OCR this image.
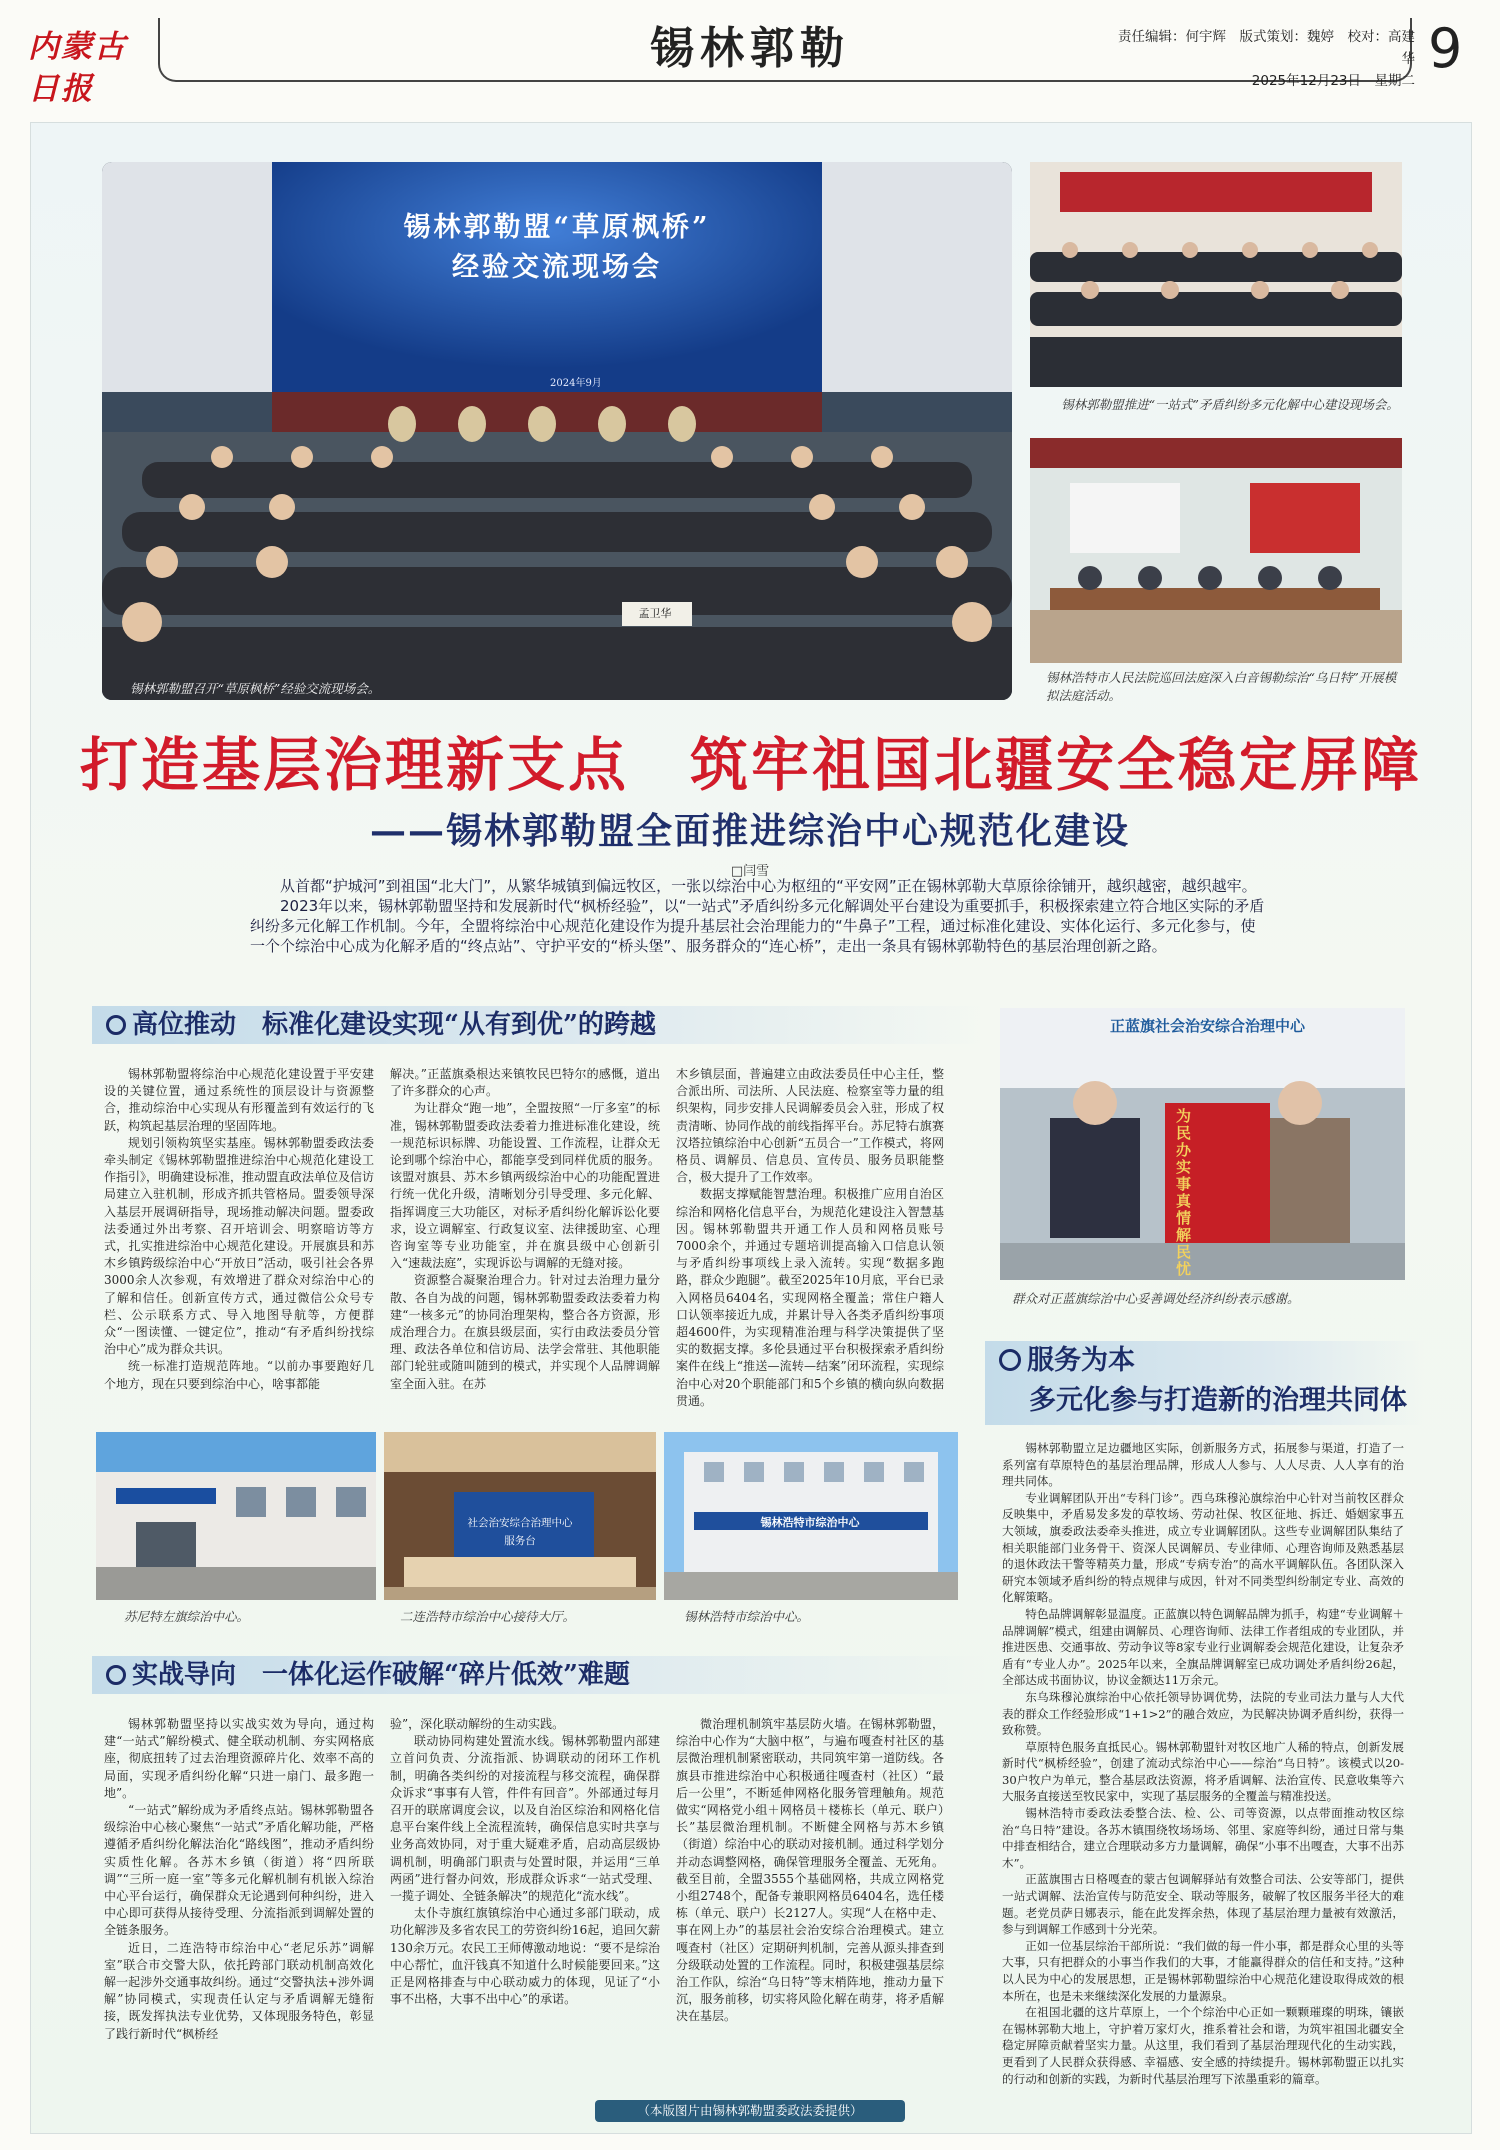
内蒙古日报
锡林郭勒	责任编辑：何宇辉　版式策划：魏婷　校对：高建华
2025年12月23日　星期二
9
锡林郭勒盟“草原枫桥”
经验交流现场会
2024年9月
孟卫华
锡林郭勒盟召开“草原枫桥”经验交流现场会。
锡林郭勒盟推进“一站式”矛盾纠纷多元化解中心建设现场会。
锡林浩特市人民法院巡回法庭深入白音锡勒综治“乌日特”开展模拟法庭活动。
打造基层治理新支点　筑牢祖国北疆安全稳定屏障
——锡林郭勒盟全面推进综治中心规范化建设
□闫雪

从首都“护城河”到祖国“北大门”，从繁华城镇到偏远牧区，一张以综治中心为枢纽的“平安网”正在锡林郭勒大草原徐徐铺开，越织越密，越织越牢。

2023年以来，锡林郭勒盟坚持和发展新时代“枫桥经验”，以“一站式”矛盾纠纷多元化解调处平台建设为重要抓手，积极探索建立符合地区实际的矛盾纠纷多元化解工作机制。今年，全盟将综治中心规范化建设作为提升基层社会治理能力的“牛鼻子”工程，通过标准化建设、实体化运行、多元化参与，使一个个综治中心成为化解矛盾的“终点站”、守护平安的“桥头堡”、服务群众的“连心桥”，走出一条具有锡林郭勒特色的基层治理创新之路。

高位推动　标准化建设实现“从有到优”的跨越

锡林郭勒盟将综治中心规范化建设置于平安建设的关键位置，通过系统性的顶层设计与资源整合，推动综治中心实现从有形覆盖到有效运行的飞跃，构筑起基层治理的坚固阵地。

规划引领构筑坚实基座。锡林郭勒盟委政法委牵头制定《锡林郭勒盟推进综治中心规范化建设工作指引》，明确建设标准，推动盟直政法单位及信访局建立入驻机制，形成齐抓共管格局。盟委领导深入基层开展调研指导，现场推动解决问题。盟委政法委通过外出考察、召开培训会、明察暗访等方式，扎实推进综治中心规范化建设。开展旗县和苏木乡镇跨级综治中心“开放日”活动，吸引社会各界3000余人次参观，有效增进了群众对综治中心的了解和信任。创新宣传方式，通过微信公众号专栏、公示联系方式、导入地图导航等，方便群众“一图读懂、一键定位”，推动“有矛盾纠纷找综治中心”成为群众共识。

统一标准打造规范阵地。“以前办事要跑好几个地方，现在只要到综治中心，啥事都能

解决。”正蓝旗桑根达来镇牧民巴特尔的感慨，道出了许多群众的心声。

为让群众“跑一地”，全盟按照“一厅多室”的标准，锡林郭勒盟委政法委着力推进标准化建设，统一规范标识标牌、功能设置、工作流程，让群众无论到哪个综治中心，都能享受到同样优质的服务。该盟对旗县、苏木乡镇两级综治中心的功能配置进行统一优化升级，清晰划分引导受理、多元化解、指挥调度三大功能区，对标矛盾纠纷化解诉讼化要求，设立调解室、行政复议室、法律援助室、心理咨询室等专业功能室，并在旗县级中心创新引入“速裁法庭”，实现诉讼与调解的无缝对接。

资源整合凝聚治理合力。针对过去治理力量分散、各自为战的问题，锡林郭勒盟委政法委着力构建“一核多元”的协同治理架构，整合各方资源，形成治理合力。在旗县级层面，实行由政法委员分管理、政法各单位和信访局、法学会常驻、其他职能部门轮驻或随叫随到的模式，并实现个人品牌调解室全面入驻。在苏

木乡镇层面，普遍建立由政法委员任中心主任，整合派出所、司法所、人民法庭、检察室等力量的组织架构，同步安排人民调解委员会入驻，形成了权责清晰、协同作战的前线指挥平台。苏尼特右旗赛汉塔拉镇综治中心创新“五员合一”工作模式，将网格员、调解员、信息员、宣传员、服务员职能整合，极大提升了工作效率。

数据支撑赋能智慧治理。积极推广应用自治区综治和网格化信息平台，为规范化建设注入智慧基因。锡林郭勒盟共开通工作人员和网格员账号7000余个，并通过专题培训提高输入口信息认领与矛盾纠纷事项线上录入流转。实现“数据多跑路，群众少跑腿”。截至2025年10月底，平台已录入网格员6404名，实现网格全覆盖；常住户籍人口认领率接近九成，并累计导入各类矛盾纠纷事项超4600件，为实现精准治理与科学决策提供了坚实的数据支撑。多伦县通过平台积极探索矛盾纠纷案件在线上“推送—流转—结案”闭环流程，实现综治中心对20个职能部门和5个乡镇的横向纵向数据贯通。

正蓝旗社会治安综合治理中心
为民办实事 真情解民忧
群众对正蓝旗综治中心妥善调处经济纠纷表示感谢。
服务为本
多元化参与打造新的治理共同体
社会治安综合治理中心
服务台
锡林浩特市综治中心
苏尼特左旗综治中心。	二连浩特市综治中心接待大厅。	锡林浩特市综治中心。
实战导向　一体化运作破解“碎片低效”难题

锡林郭勒盟坚持以实战实效为导向，通过构建“一站式”解纷模式、健全联动机制、夯实网格底座，彻底扭转了过去治理资源碎片化、效率不高的局面，实现矛盾纠纷化解“只进一扇门、最多跑一地”。

“一站式”解纷成为矛盾终点站。锡林郭勒盟各级综治中心核心聚焦“一站式”矛盾化解功能，严格遵循矛盾纠纷化解法治化“路线图”，推动矛盾纠纷实质性化解。各苏木乡镇（街道）将“四所联调”“三所一庭一室”等多元化解机制有机嵌入综治中心平台运行，确保群众无论遇到何种纠纷，进入中心即可获得从接待受理、分流指派到调解处置的全链条服务。

近日，二连浩特市综治中心“老尼乐苏”调解室”联合市交警大队，依托跨部门联动机制高效化解一起涉外交通事故纠纷。通过“交警执法+涉外调解”协同模式，实现责任认定与矛盾调解无缝衔接，既发挥执法专业优势，又体现服务特色，彰显了践行新时代“枫桥经

验”，深化联动解纷的生动实践。

联动协同构建处置流水线。锡林郭勒盟内部建立首问负责、分流指派、协调联动的闭环工作机制，明确各类纠纷的对接流程与移交流程，确保群众诉求“事事有人管，件件有回音”。外部通过每月召开的联席调度会议，以及自治区综治和网格化信息平台案件线上全流程流转，确保信息实时共享与业务高效协同，对于重大疑难矛盾，启动高层级协调机制，明确部门职责与处置时限，并运用“三单两函”进行督办问效，形成群众诉求“一站式受理、一揽子调处、全链条解决”的规范化“流水线”。

太仆寺旗红旗镇综治中心通过多部门联动，成功化解涉及多省农民工的劳资纠纷16起，追回欠薪130余万元。农民工王师傅激动地说：“要不是综治中心帮忙，血汗钱真不知道什么时候能要回来。”这正是网格排查与中心联动威力的体现，见证了“小事不出格，大事不出中心”的承诺。

微治理机制筑牢基层防火墙。在锡林郭勒盟，综治中心作为“大脑中枢”，与遍布嘎查村社区的基层微治理机制紧密联动，共同筑牢第一道防线。各旗县市推进综治中心积极通往嘎查村（社区）“最后一公里”，不断延伸网格化服务管理触角。规范做实“网格党小组＋网格员＋楼栋长（单元、联户）长”基层微治理机制。不断健全网格与苏木乡镇（街道）综治中心的联动对接机制。通过科学划分并动态调整网格，确保管理服务全覆盖、无死角。截至目前，全盟3555个基础网格，共成立网格党小组2748个，配备专兼职网格员6404名，选任楼栋（单元、联户）长2127人。实现“人在格中走、事在网上办”的基层社会治安综合治理模式。建立嘎查村（社区）定期研判机制，完善从源头排查到分级联动处置的工作流程。同时，积极建强基层综治工作队，综治“乌日特”等末梢阵地，推动力量下沉，服务前移，切实将风险化解在萌芽，将矛盾解决在基层。

锡林郭勒盟立足边疆地区实际，创新服务方式，拓展参与渠道，打造了一系列富有草原特色的基层治理品牌，形成人人参与、人人尽责、人人享有的治理共同体。

专业调解团队开出“专科门诊”。西乌珠穆沁旗综治中心针对当前牧区群众反映集中，矛盾易发多发的草牧场、劳动社保、牧区征地、拆迁、婚姻家事五大领域，旗委政法委牵头推进，成立专业调解团队。这些专业调解团队集结了相关职能部门业务骨干、资深人民调解员、专业律师、心理咨询师及熟悉基层的退休政法干警等精英力量，形成“专病专治”的高水平调解队伍。各团队深入研究本领域矛盾纠纷的特点规律与成因，针对不同类型纠纷制定专业、高效的化解策略。

特色品牌调解彰显温度。正蓝旗以特色调解品牌为抓手，构建“专业调解＋品牌调解”模式，组建由调解员、心理咨询师、法律工作者组成的专业团队，并推进医患、交通事故、劳动争议等8家专业行业调解委会规范化建设，让复杂矛盾有“专业人办”。2025年以来，全旗品牌调解室已成功调处矛盾纠纷26起，全部达成书面协议，协议金额达11万余元。

东乌珠穆沁旗综治中心依托领导协调优势，法院的专业司法力量与人大代表的群众工作经验形成“1+1>2”的融合效应，为民解决协调矛盾纠纷，获得一致称赞。

草原特色服务直抵民心。锡林郭勒盟针对牧区地广人稀的特点，创新发展新时代“枫桥经验”，创建了流动式综治中心——综治“乌日特”。该模式以20-30户牧户为单元，整合基层政法资源，将矛盾调解、法治宣传、民意收集等六大服务直接送至牧民家中，实现了基层服务的全覆盖与精准投送。

锡林浩特市委政法委整合法、检、公、司等资源，以点带面推动牧区综治“乌日特”建设。各苏木镇围绕牧场场场、邻里、家庭等纠纷，通过日常与集中排查相结合，建立合理联动多方力量调解，确保“小事不出嘎查，大事不出苏木”。

正蓝旗围古日格嘎查的蒙古包调解驿站有效整合司法、公安等部门，提供一站式调解、法治宣传与防范安全、联动等服务，破解了牧区服务半径大的难题。老党员萨日娜表示，能在此发挥余热，体现了基层治理力量被有效激活，参与到调解工作感到十分光荣。

正如一位基层综治干部所说：“我们做的每一件小事，都是群众心里的头等大事，只有把群众的小事当作我们的大事，才能赢得群众的信任和支持。”这种以人民为中心的发展思想，正是锡林郭勒盟综治中心规范化建设取得成效的根本所在，也是未来继续深化发展的力量源泉。

在祖国北疆的这片草原上，一个个综治中心正如一颗颗璀璨的明珠，镶嵌在锡林郭勒大地上，守护着万家灯火，推系着社会和谐，为筑牢祖国北疆安全稳定屏障贡献着坚实力量。从这里，我们看到了基层治理现代化的生动实践，更看到了人民群众获得感、幸福感、安全感的持续提升。锡林郭勒盟正以扎实的行动和创新的实践，为新时代基层治理写下浓墨重彩的篇章。

（本版图片由锡林郭勒盟委政法委提供）
